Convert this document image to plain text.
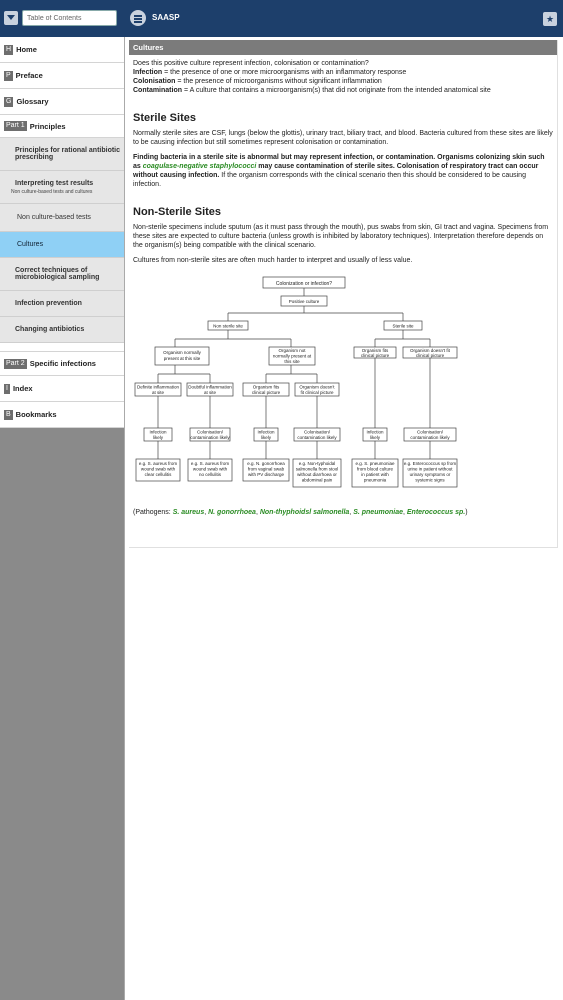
Table of Contents
SAASP	★
H Home
P Preface
G Glossary
Part 1 Principles
Principles for rational antibiotic prescribing
Interpreting test results
Non culture-based tests and cultures
Non culture-based tests
Cultures
Correct techniques of microbiological sampling
Infection prevention
Changing antibiotics
Part 2 Specific infections
I Index
B Bookmarks
Cultures

Does this positive culture represent infection, colonisation or contamination?

Infection = the presence of one or more microorganisms with an inflammatory response

Colonisation = the presence of microorganisms without significant inflammation

Contamination = A culture that contains a microorganism(s) that did not originate from the intended anatomical site

Sterile Sites

Normally sterile sites are CSF, lungs (below the glottis), urinary tract, biliary tract, and blood. Bacteria cultured from these sites are likely to be causing infection but still sometimes represent colonisation or contamination.

Finding bacteria in a sterile site is abnormal but may represent infection, or contamination. Organisms colonizing skin such as coagulase-negative staphylococci may cause contamination of sterile sites. Colonisation of respiratory tract can occur without causing infection. If the organism corresponds with the clinical scenario then this should be considered to be causing infection.

Non-Sterile Sites

Non-sterile specimens include sputum (as it must pass through the mouth), pus swabs from skin, GI tract and vagina. Specimens from these sites are expected to culture bacteria (unless growth is inhibited by laboratory techniques). Interpretation therefore depends on the organism(s) being compatible with the clinical scenario.

Cultures from non-sterile sites are often much harder to interpret and usually of less value.

Colonization or infection?
Positive culture
Non sterile site	Sterile site
Organism normally
present at this site
Organism not
normally present at
this site
Organism fits
clinical picture
Organism doesn't fit
clinical picture
Definite inflammation
at site
Doubtful inflammation
at site
Organism fits
clinical picture
Organism doesn't
fit clinical picture
Infection
likely
Colonisation/
contamination likely
Infection
likely
Colonisation/
contamination likely
Infection
likely
Colonisation/
contamination likely
e.g. S. aureus from
wound swab with
clear cellulitis
e.g. S. aureus from
wound swab with
no cellulitis
e.g. N. gonorrhoea
from vaginal swab
with PV discharge
e.g. Non-typhoidal
salmonella from stool
without diarrhoea or
abdominal pain
e.g. S. pneumoniae
from blood culture
in patient with
pneumonia
e.g. Enterococcus sp from
urine in patient without
urinary symptoms or
systemic signs

(Pathogens: S. aureus, N. gonorrhoea, Non-thyphoidsl salmonella, S. pneumoniae, Enterococcus sp.)
